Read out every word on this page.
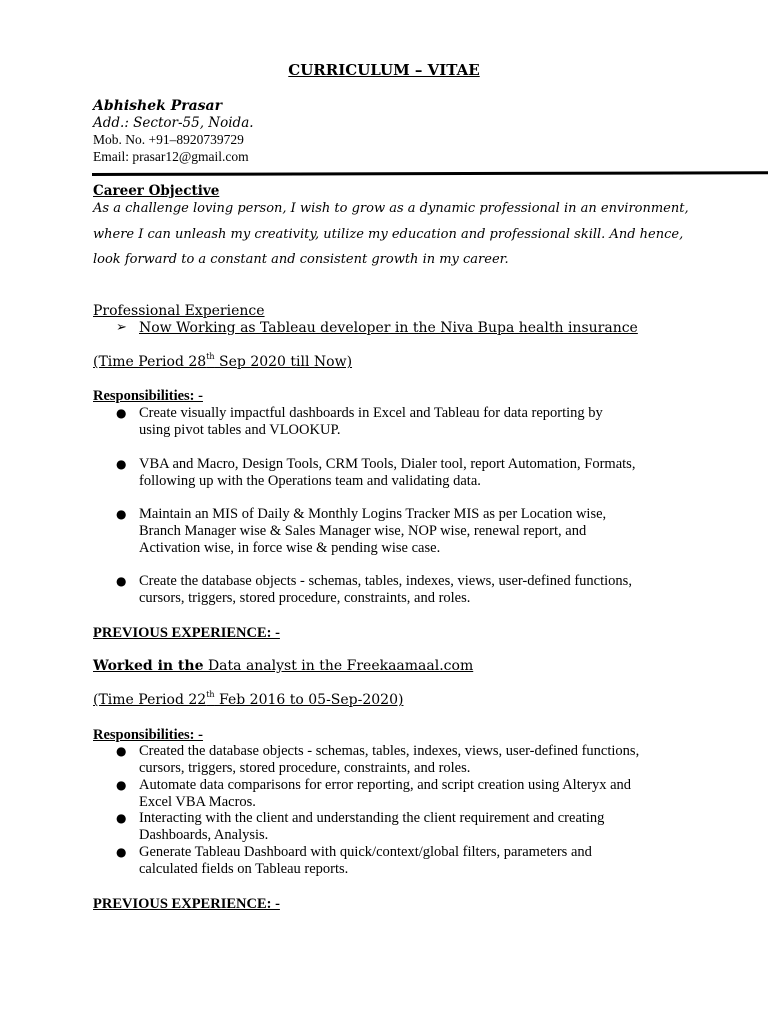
CURRICULUM – VITAE
Abhishek Prasar
Add.: Sector-55, Noida.
Mob. No. +91–8920739729
Email: prasar12@gmail.com
Career Objective
As a challenge loving person, I wish to grow as a dynamic professional in an environment,
where I can unleash my creativity, utilize my education and professional skill. And hence,
look forward to a constant and consistent growth in my career.
Professional Experience
➢ Now Working as Tableau developer in the Niva Bupa health insurance
(Time Period 28th Sep 2020 till Now)
Responsibilities: -
● Create visually impactful dashboards in Excel and Tableau for data reporting by
using pivot tables and VLOOKUP.
● VBA and Macro, Design Tools, CRM Tools, Dialer tool, report Automation, Formats,
following up with the Operations team and validating data.
● Maintain an MIS of Daily & Monthly Logins Tracker MIS as per Location wise,
Branch Manager wise & Sales Manager wise, NOP wise, renewal report, and
Activation wise, in force wise & pending wise case.
● Create the database objects - schemas, tables, indexes, views, user-defined functions,
cursors, triggers, stored procedure, constraints, and roles.
PREVIOUS EXPERIENCE: -
Worked in the Data analyst in the Freekaamaal.com
(Time Period 22th Feb 2016 to 05-Sep-2020)
Responsibilities: -
● Created the database objects - schemas, tables, indexes, views, user-defined functions,
cursors, triggers, stored procedure, constraints, and roles.
● Automate data comparisons for error reporting, and script creation using Alteryx and
Excel VBA Macros.
● Interacting with the client and understanding the client requirement and creating
Dashboards, Analysis.
● Generate Tableau Dashboard with quick/context/global filters, parameters and
calculated fields on Tableau reports.
PREVIOUS EXPERIENCE: -
